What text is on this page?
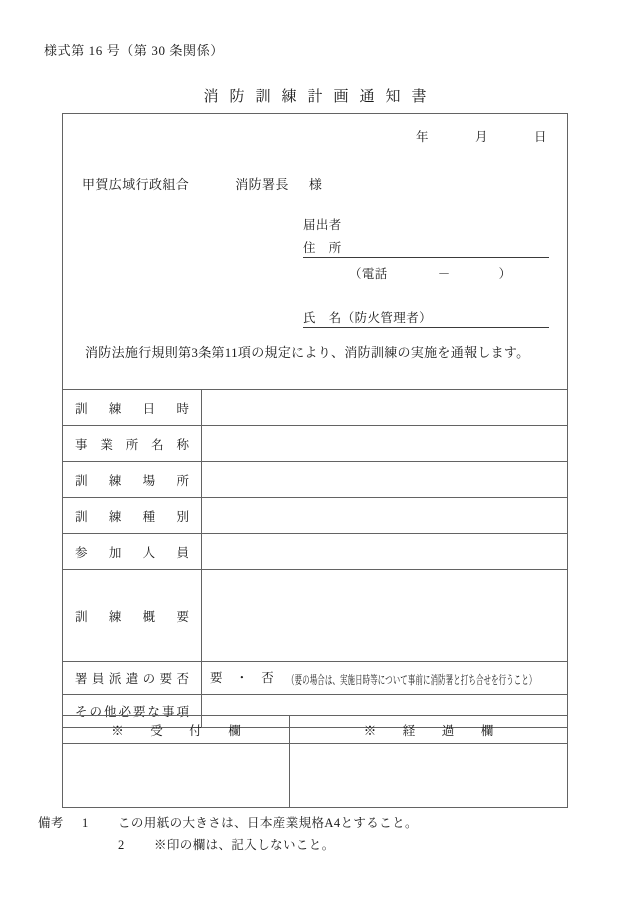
様式第 16 号（第 30 条関係）
消防訓練計画通知書
年	月	日
甲賀広域行政組合	消防署長 様
届出者
住　所
（電話	－	）
氏　名（防火管理者）
消防法施行規則第3条第11項の規定により、消防訓練の実施を通報します。
訓練日時	

事業所名称	

訓練場所	

訓練種別	

参加人員	

訓練概要	

署員派遣の要否	要 ・ 否 （要の場合は、実施日時等について事前に消防署と打ち合せを行うこと）

その他必要な事項	

※　受　付　欄	※　経　過　欄

備考 1 この用紙の大きさは、日本産業規格A4とすること。
2 ※印の欄は、記入しないこと。
